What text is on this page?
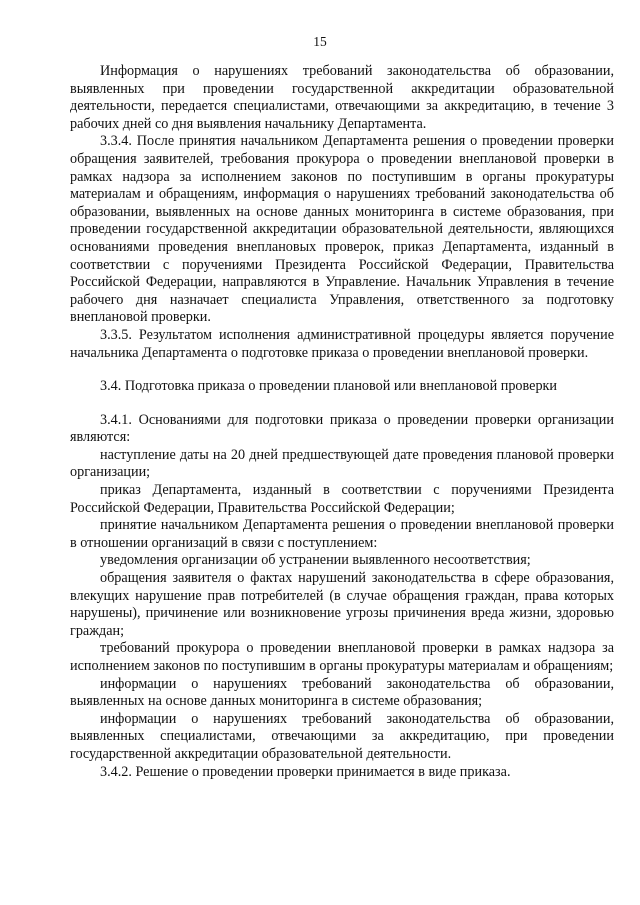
15

Информация о нарушениях требований законодательства об образовании, выявленных при проведении государственной аккредитации образовательной деятельности, передается специалистами, отвечающими за аккредитацию, в течение 3 рабочих дней со дня выявления начальнику Департамента.

3.3.4. После принятия начальником Департамента решения о проведении проверки обращения заявителей, требования прокурора о проведении внеплановой проверки в рамках надзора за исполнением законов по поступившим в органы прокуратуры материалам и обращениям, информация о нарушениях требований законодательства об образовании, выявленных на основе данных мониторинга в системе образования, при проведении государственной аккредитации образовательной деятельности, являющихся основаниями проведения внеплановых проверок, приказ Департамента, изданный в соответствии с поручениями Президента Российской Федерации, Правительства Российской Федерации, направляются в Управление. Начальник Управления в течение рабочего дня назначает специалиста Управления, ответственного за подготовку внеплановой проверки.

3.3.5. Результатом исполнения административной процедуры является поручение начальника Департамента о подготовке приказа о проведении внеплановой проверки.

3.4. Подготовка приказа о проведении плановой или внеплановой проверки

3.4.1. Основаниями для подготовки приказа о проведении проверки организации являются:

наступление даты на 20 дней предшествующей дате проведения плановой проверки организации;

приказ Департамента, изданный в соответствии с поручениями Президента Российской Федерации, Правительства Российской Федерации;

принятие начальником Департамента решения о проведении внеплановой проверки в отношении организаций в связи с поступлением:

уведомления организации об устранении выявленного несоответствия;

обращения заявителя о фактах нарушений законодательства в сфере образования, влекущих нарушение прав потребителей (в случае обращения граждан, права которых нарушены), причинение или возникновение угрозы причинения вреда жизни, здоровью граждан;

требований прокурора о проведении внеплановой проверки в рамках надзора за исполнением законов по поступившим в органы прокуратуры материалам и обращениям;

информации о нарушениях требований законодательства об образовании, выявленных на основе данных мониторинга в системе образования;

информации о нарушениях требований законодательства об образовании, выявленных специалистами, отвечающими за аккредитацию, при проведении государственной аккредитации образовательной деятельности.

3.4.2. Решение о проведении проверки принимается в виде приказа.
